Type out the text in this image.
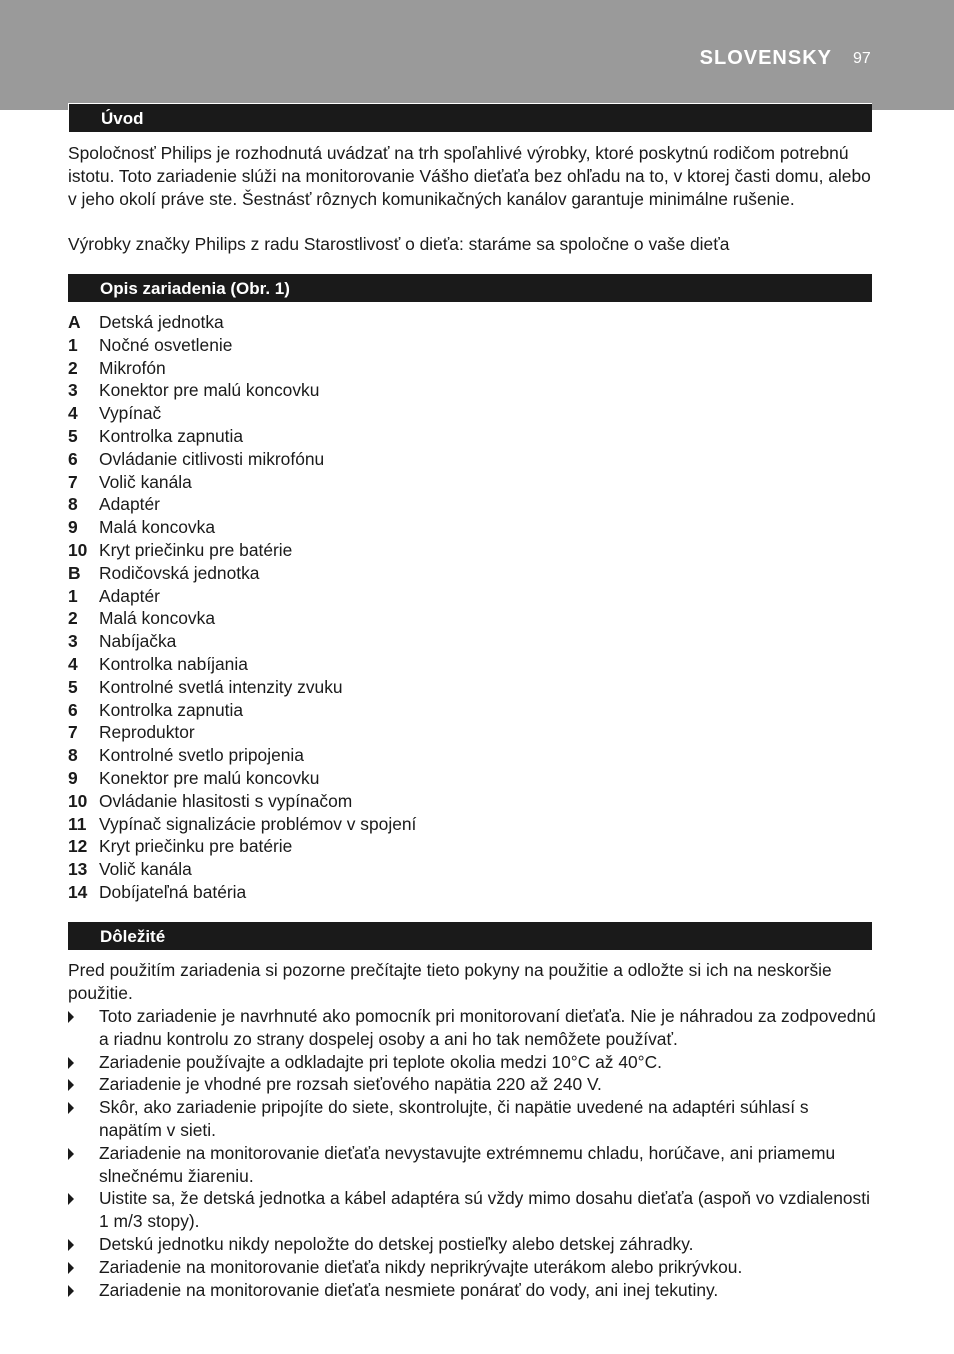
SLOVENSKY 97
Úvod

Spoločnosť Philips je rozhodnutá uvádzať na trh spoľahlivé výrobky, ktoré poskytnú rodičom potrebnú istotu. Toto zariadenie slúži na monitorovanie Vášho dieťaťa bez ohľadu na to, v ktorej časti domu, alebo v jeho okolí práve ste. Šestnásť rôznych komunikačných kanálov garantuje minimálne rušenie.

Výrobky značky Philips z radu Starostlivosť o dieťa: staráme sa spoločne o vaše dieťa

Opis zariadenia (Obr. 1)
A Detská jednotka
1 Nočné osvetlenie
2 Mikrofón
3 Konektor pre malú koncovku
4 Vypínač
5 Kontrolka zapnutia
6 Ovládanie citlivosti mikrofónu
7 Volič kanála
8 Adaptér
9 Malá koncovka
10 Kryt priečinku pre batérie
B Rodičovská jednotka
1 Adaptér
2 Malá koncovka
3 Nabíjačka
4 Kontrolka nabíjania
5 Kontrolné svetlá intenzity zvuku
6 Kontrolka zapnutia
7 Reproduktor
8 Kontrolné svetlo pripojenia
9 Konektor pre malú koncovku
10 Ovládanie hlasitosti s vypínačom
11 Vypínač signalizácie problémov v spojení
12 Kryt priečinku pre batérie
13 Volič kanála
14 Dobíjateľná batéria
Dôležité

Pred použitím zariadenia si pozorne prečítajte tieto pokyny na použitie a odložte si ich na neskoršie použitie.

Toto zariadenie je navrhnuté ako pomocník pri monitorovaní dieťaťa. Nie je náhradou za zodpovednú a riadnu kontrolu zo strany dospelej osoby a ani ho tak nemôžete používať.
Zariadenie používajte a odkladajte pri teplote okolia medzi 10°C až 40°C.
Zariadenie je vhodné pre rozsah sieťového napätia 220 až 240 V.
Skôr, ako zariadenie pripojíte do siete, skontrolujte, či napätie uvedené na adaptéri súhlasí s napätím v sieti.
Zariadenie na monitorovanie dieťaťa nevystavujte extrémnemu chladu, horúčave, ani priamemu slnečnému žiareniu.
Uistite sa, že detská jednotka a kábel adaptéra sú vždy mimo dosahu dieťaťa (aspoň vo vzdialenosti 1 m/3 stopy).
Detskú jednotku nikdy nepoložte do detskej postieľky alebo detskej záhradky.
Zariadenie na monitorovanie dieťaťa nikdy neprikrývajte uterákom alebo prikrývkou.
Zariadenie na monitorovanie dieťaťa nesmiete ponárať do vody, ani inej tekutiny.
